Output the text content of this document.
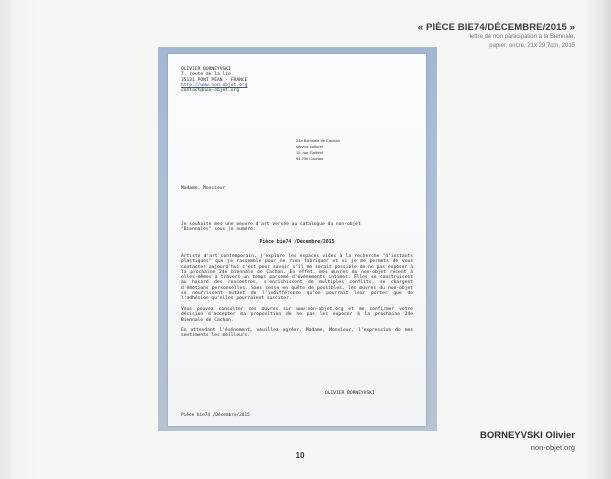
« PIÈCE BIE74/DÉCEMBRE/2015 »
lettre de non participation à la Biennale,
papier, encre, 21x 29,7cm, 2015
OLIVIER BORNEYVSKI
7, route de la lie
35131 PONT PÉAN - FRANCE
http://www.non-objet.org
contact@non-objet.org
24e Biennale de Cachan
service culturel
15, rue Galliéni
94 230 Cachan
Madame, Monsieur
Je souhaite mes une oeuvre d'art versée au catalogue du non-objet
"Biennales" sous le numéro:
Pièce bie74 /Décembre/2015
Artiste d'art contemporain, j'explore les espaces vides à la recherche "d'instants plastiques" que je rassemble pour ne rien fabriquer et si je me permets de vous contacter aujourd'hui c'est pour savoir s'il me serait possible de ne pas exposer à la prochaine 24e biennale de Cachan. En effet, mes œuvres du non-objet récent à elles-mêmes à travers un temps parsemé d'événements intimes. Elles se construisent au hasard des rencontres, s'enrichissent de multiples conflits, se chargent d'émotions personnelles. Sans cesse en quête de possibles, les œuvres du non-objet se nourrissent autant de l'indifférence qu'on pourrait leur porter que de l'adhésion qu'elles pourraient susciter.
Vous pouvez consulter ces œuvres sur www.non-objet.org et me confirmer votre décision d'accepter ma proposition de ne pas les exposer à la prochaine 24e Biennale de Cachan.
En attendant l'événement, veuillez agréer, Madame, Monsieur, l'expression de mes sentiments les meilleurs.
OLIVIER BORNEYVSKI
Pièce bie74 /Décembre/2015
10
BORNEYVSKI Olivier
non-objet.org
